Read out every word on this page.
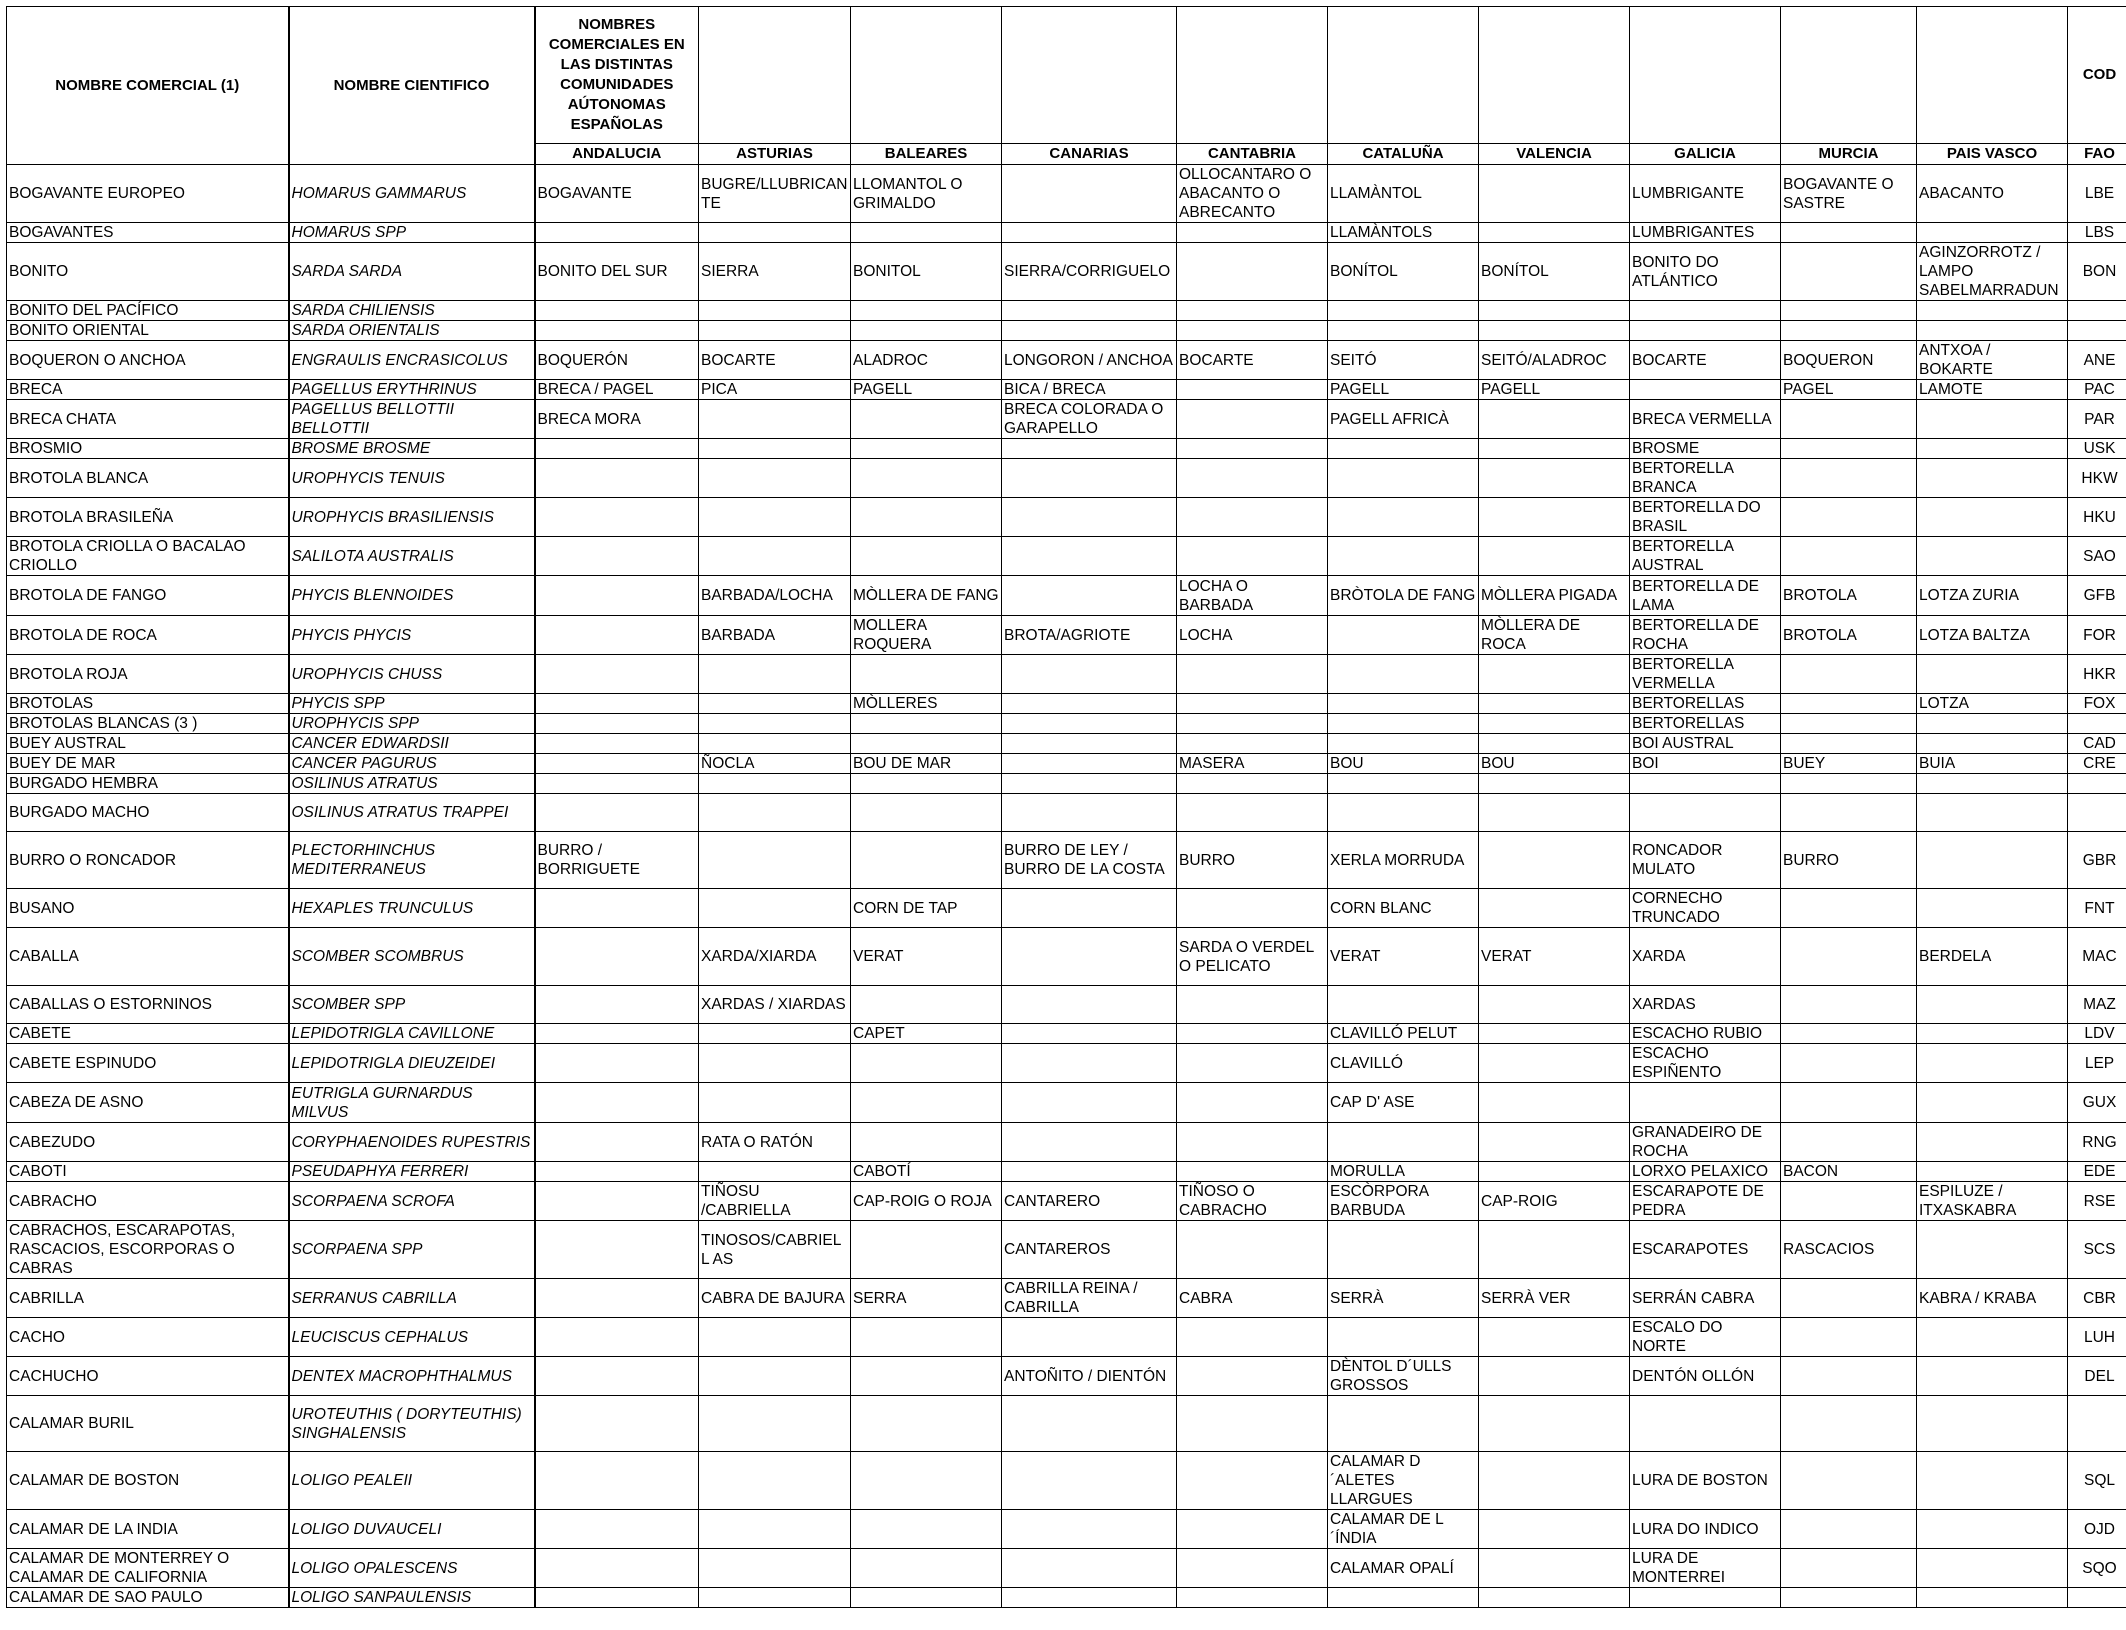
NOMBRE COMERCIAL (1)	NOMBRE CIENTIFICO	NOMBRES COMERCIALES EN LAS DISTINTAS COMUNIDADES AÚTONOMAS ESPAÑOLAS										COD
		ANDALUCIA	ASTURIAS	BALEARES	CANARIAS	CANTABRIA	CATALUÑA	VALENCIA	GALICIA	MURCIA	PAIS VASCO	FAO
BOGAVANTE EUROPEO	HOMARUS GAMMARUS	BOGAVANTE	BUGRE/LLUBRICAN TE	LLOMANTOL O GRIMALDO		OLLOCANTARO O ABACANTO O ABRECANTO	LLAMÀNTOL		LUMBRIGANTE	BOGAVANTE O SASTRE	ABACANTO	LBE
BOGAVANTES	HOMARUS SPP						LLAMÀNTOLS		LUMBRIGANTES			LBS
BONITO	SARDA SARDA	BONITO DEL SUR	SIERRA	BONITOL	SIERRA/CORRIGUELO		BONÍTOL	BONÍTOL	BONITO DO ATLÁNTICO		AGINZORROTZ / LAMPO SABELMARRADUN	BON
BONITO DEL PACÍFICO	SARDA CHILIENSIS											
BONITO ORIENTAL	SARDA ORIENTALIS											
BOQUERON O ANCHOA	ENGRAULIS ENCRASICOLUS	BOQUERÓN	BOCARTE	ALADROC	LONGORON / ANCHOA	BOCARTE	SEITÓ	SEITÓ/ALADROC	BOCARTE	BOQUERON	ANTXOA / BOKARTE	ANE
BRECA	PAGELLUS ERYTHRINUS	BRECA / PAGEL	PICA	PAGELL	BICA / BRECA		PAGELL	PAGELL		PAGEL	LAMOTE	PAC
BRECA CHATA	PAGELLUS BELLOTTII BELLOTTII	BRECA MORA			BRECA COLORADA O GARAPELLO		PAGELL AFRICÀ		BRECA VERMELLA			PAR
BROSMIO	BROSME BROSME								BROSME			USK
BROTOLA BLANCA	UROPHYCIS TENUIS								BERTORELLA BRANCA			HKW
BROTOLA BRASILEÑA	UROPHYCIS BRASILIENSIS								BERTORELLA DO BRASIL			HKU
BROTOLA CRIOLLA O BACALAO CRIOLLO	SALILOTA AUSTRALIS								BERTORELLA AUSTRAL			SAO
BROTOLA DE FANGO	PHYCIS BLENNOIDES		BARBADA/LOCHA	MÒLLERA DE FANG		LOCHA O BARBADA	BRÒTOLA DE FANG	MÒLLERA PIGADA	BERTORELLA DE LAMA	BROTOLA	LOTZA ZURIA	GFB
BROTOLA DE ROCA	PHYCIS PHYCIS		BARBADA	MOLLERA ROQUERA	BROTA/AGRIOTE	LOCHA		MÒLLERA DE ROCA	BERTORELLA DE ROCHA	BROTOLA	LOTZA BALTZA	FOR
BROTOLA ROJA	UROPHYCIS CHUSS								BERTORELLA VERMELLA			HKR
BROTOLAS	PHYCIS SPP			MÒLLERES					BERTORELLAS		LOTZA	FOX
BROTOLAS BLANCAS (3 )	UROPHYCIS SPP								BERTORELLAS			
BUEY AUSTRAL	CANCER EDWARDSII								BOI AUSTRAL			CAD
BUEY DE MAR	CANCER PAGURUS		ÑOCLA	BOU DE MAR		MASERA	BOU	BOU	BOI	BUEY	BUIA	CRE
BURGADO HEMBRA	OSILINUS ATRATUS											
BURGADO MACHO	OSILINUS ATRATUS TRAPPEI											
BURRO O RONCADOR	PLECTORHINCHUS MEDITERRANEUS	BURRO / BORRIGUETE			BURRO DE LEY / BURRO DE LA COSTA	BURRO	XERLA MORRUDA		RONCADOR MULATO	BURRO		GBR
BUSANO	HEXAPLES TRUNCULUS			CORN DE TAP			CORN BLANC		CORNECHO TRUNCADO			FNT
CABALLA	SCOMBER SCOMBRUS		XARDA/XIARDA	VERAT		SARDA O VERDEL O PELICATO	VERAT	VERAT	XARDA		BERDELA	MAC
CABALLAS O ESTORNINOS	SCOMBER SPP		XARDAS / XIARDAS						XARDAS			MAZ
CABETE	LEPIDOTRIGLA CAVILLONE			CAPET			CLAVILLÓ PELUT		ESCACHO RUBIO			LDV
CABETE ESPINUDO	LEPIDOTRIGLA DIEUZEIDEI						CLAVILLÓ		ESCACHO ESPIÑENTO			LEP
CABEZA DE ASNO	EUTRIGLA GURNARDUS MILVUS						CAP D' ASE					GUX
CABEZUDO	CORYPHAENOIDES RUPESTRIS		RATA O RATÓN						GRANADEIRO DE ROCHA			RNG
CABOTI	PSEUDAPHYA FERRERI			CABOTÍ			MORULLA		LORXO PELAXICO	BACON		EDE
CABRACHO	SCORPAENA SCROFA		TIÑOSU /CABRIELLA	CAP-ROIG O ROJA	CANTARERO	TIÑOSO O CABRACHO	ESCÒRPORA BARBUDA	CAP-ROIG	ESCARAPOTE DE PEDRA		ESPILUZE / ITXASKABRA	RSE
CABRACHOS, ESCARAPOTAS, RASCACIOS, ESCORPORAS O CABRAS	SCORPAENA SPP		TINOSOS/CABRIELL AS		CANTAREROS				ESCARAPOTES	RASCACIOS		SCS
CABRILLA	SERRANUS CABRILLA		CABRA DE BAJURA	SERRA	CABRILLA REINA / CABRILLA	CABRA	SERRÀ	SERRÀ VER	SERRÁN CABRA		KABRA / KRABA	CBR
CACHO	LEUCISCUS CEPHALUS								ESCALO DO NORTE			LUH
CACHUCHO	DENTEX MACROPHTHALMUS				ANTOÑITO / DIENTÓN		DÈNTOL D´ULLS GROSSOS		DENTÓN OLLÓN			DEL
CALAMAR BURIL	UROTEUTHIS ( DORYTEUTHIS) SINGHALENSIS											
CALAMAR DE BOSTON	LOLIGO PEALEII						CALAMAR D´ALETES LLARGUES		LURA DE BOSTON			SQL
CALAMAR DE LA INDIA	LOLIGO DUVAUCELI						CALAMAR DE L´ÍNDIA		LURA DO INDICO			OJD
CALAMAR DE MONTERREY O CALAMAR DE CALIFORNIA	LOLIGO OPALESCENS						CALAMAR OPALÍ		LURA DE MONTERREI			SQO
CALAMAR DE SAO PAULO	LOLIGO SANPAULENSIS											
